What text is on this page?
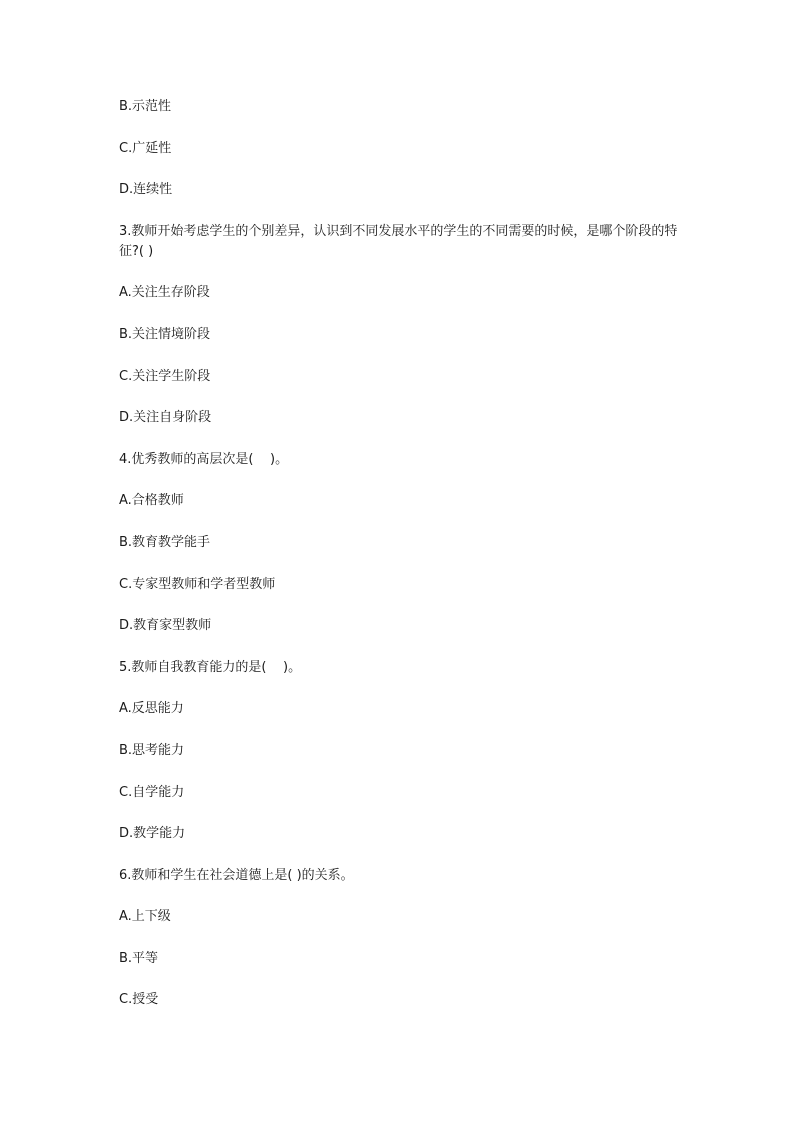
B.示范性

C.广延性

D.连续性

3.教师开始考虑学生的个别差异，认识到不同发展水平的学生的不同需要的时候，是哪个阶段的特征?( )

A.关注生存阶段

B.关注情境阶段

C.关注学生阶段

D.关注自身阶段

4.优秀教师的高层次是(    )。

A.合格教师

B.教育教学能手

C.专家型教师和学者型教师

D.教育家型教师

5.教师自我教育能力的是(    )。

A.反思能力

B.思考能力

C.自学能力

D.教学能力

6.教师和学生在社会道德上是( )的关系。

A.上下级

B.平等

C.授受
